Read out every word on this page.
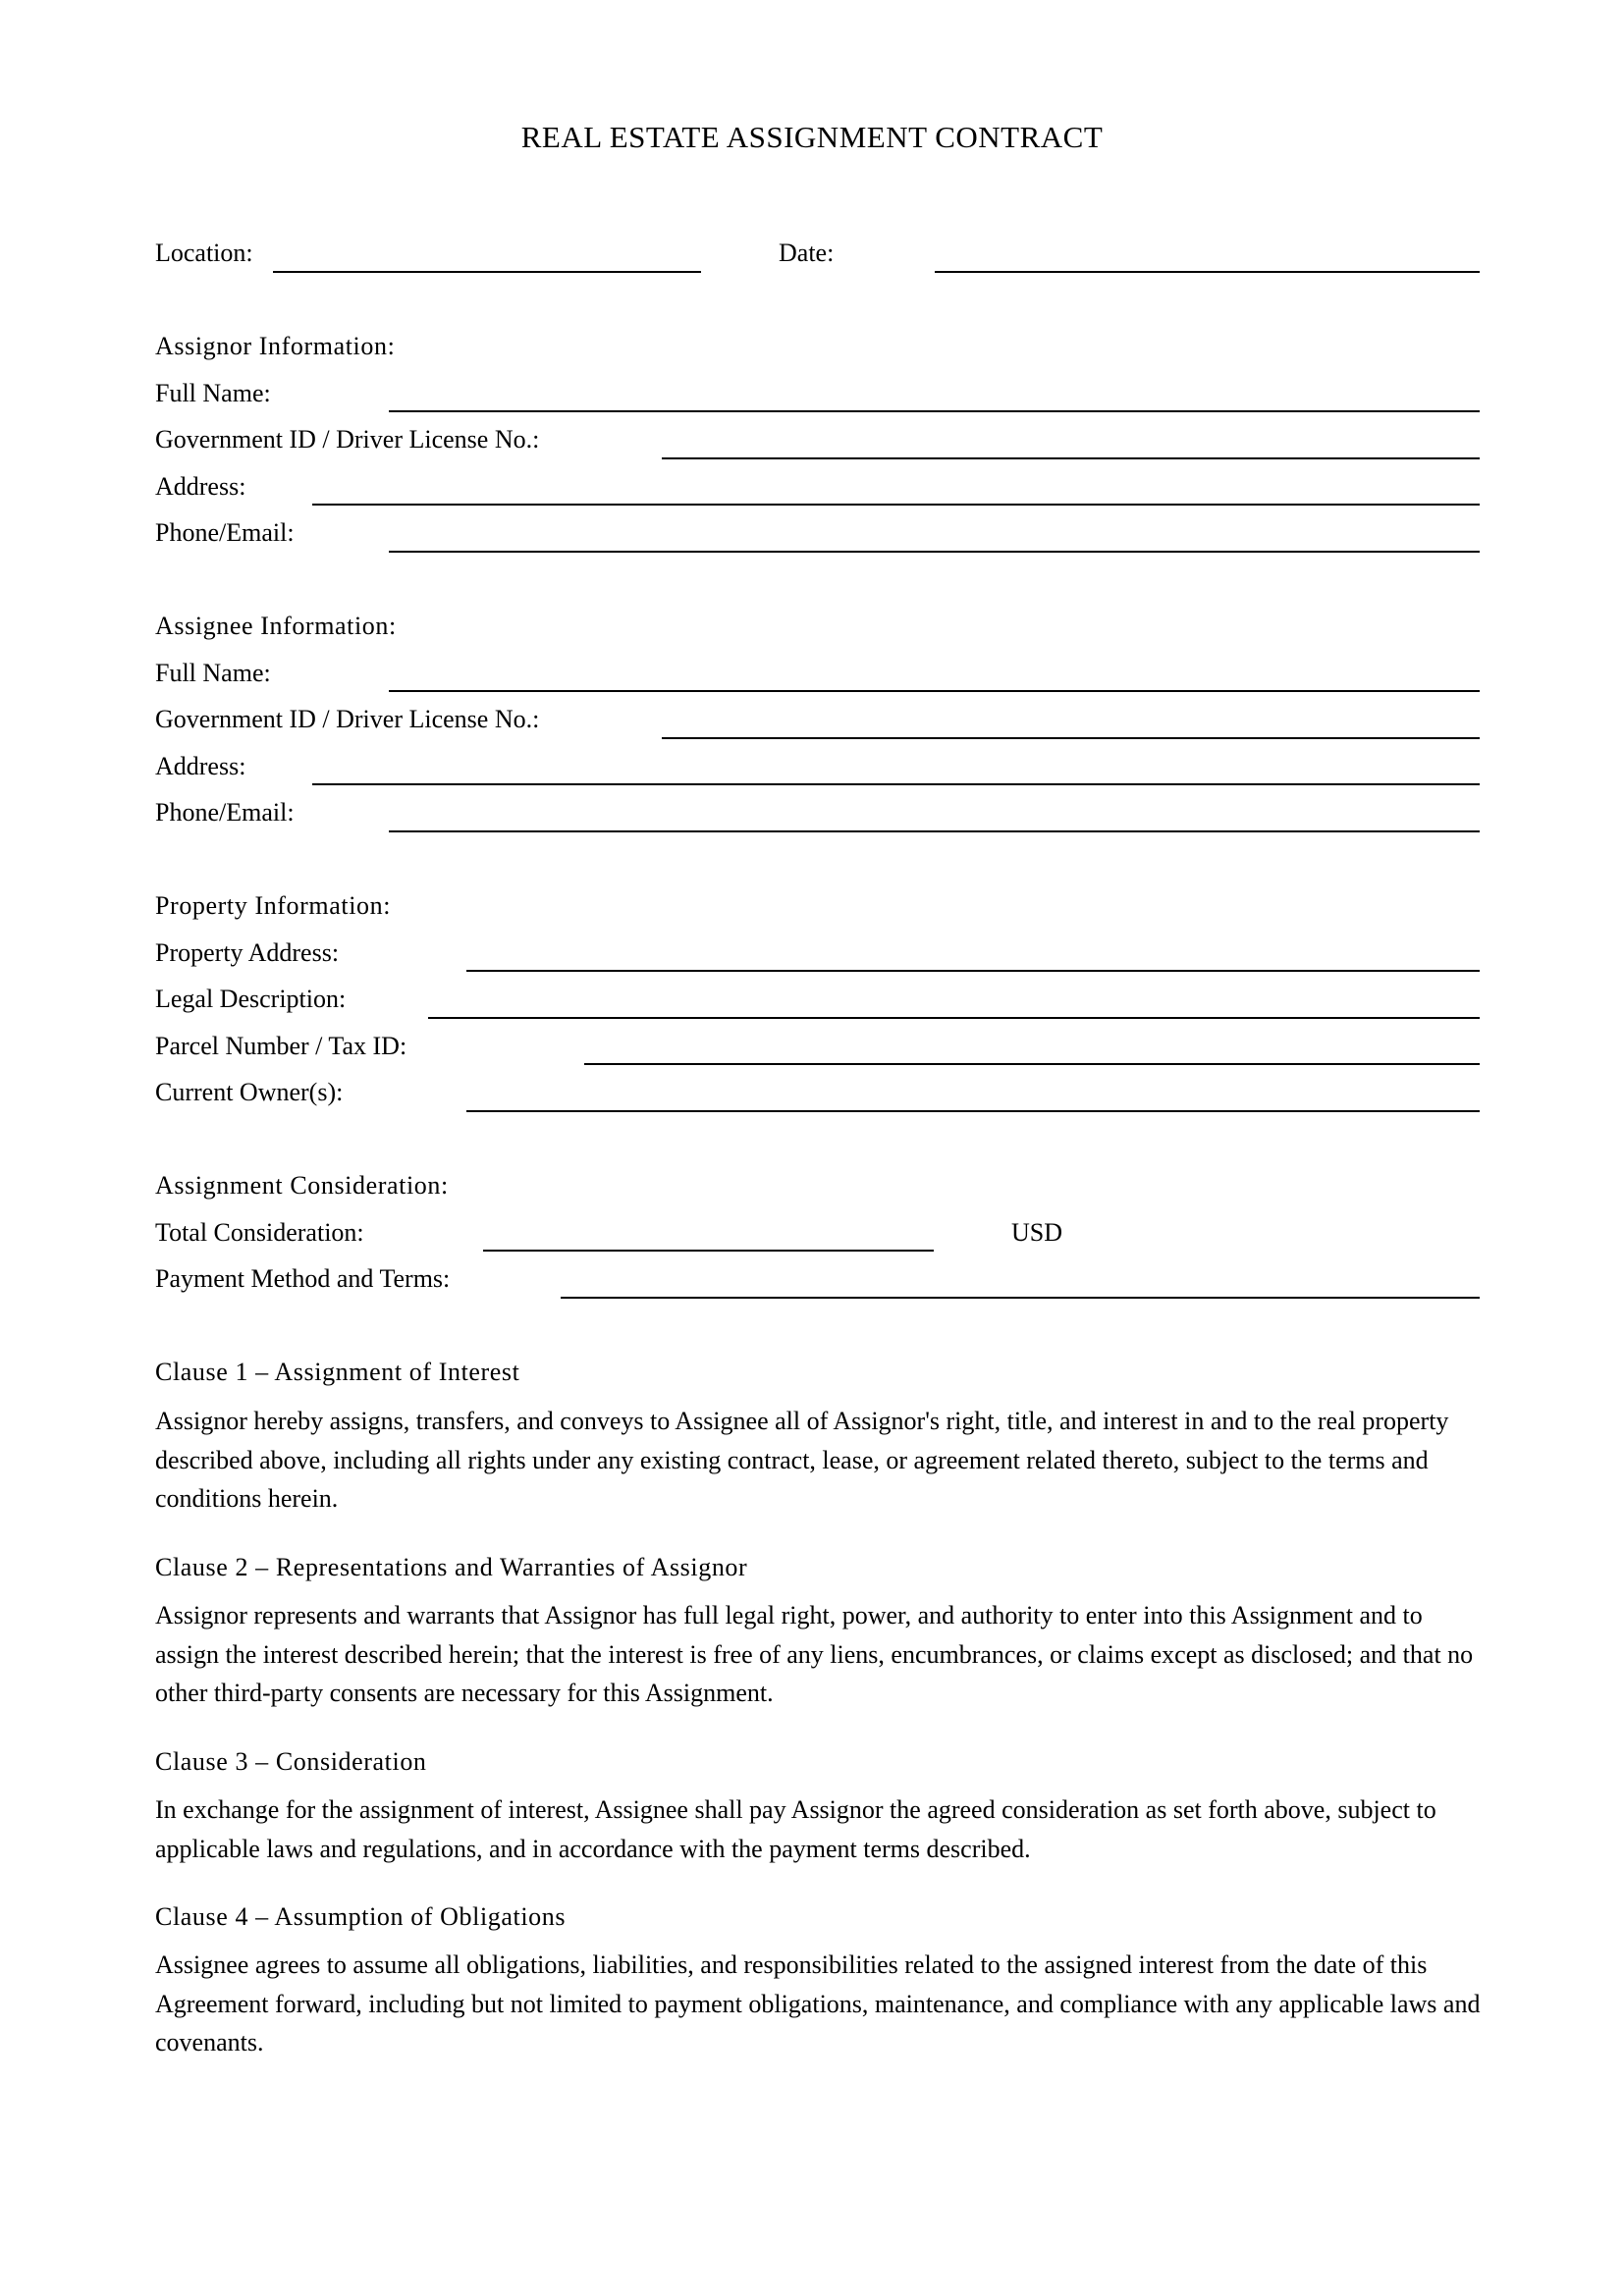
REAL ESTATE ASSIGNMENT CONTRACT
Location:	Date:
Assignor Information:
Full Name:
Government ID / Driver License No.:
Address:
Phone/Email:
Assignee Information:
Full Name:
Government ID / Driver License No.:
Address:
Phone/Email:
Property Information:
Property Address:
Legal Description:
Parcel Number / Tax ID:
Current Owner(s):
Assignment Consideration:
Total Consideration:	USD
Payment Method and Terms:
Clause 1 – Assignment of Interest
Assignor hereby assigns, transfers, and conveys to Assignee all of Assignor's right, title, and interest in and to the real property described above, including all rights under any existing contract, lease, or agreement related thereto, subject to the terms and conditions herein.
Clause 2 – Representations and Warranties of Assignor
Assignor represents and warrants that Assignor has full legal right, power, and authority to enter into this Assignment and to assign the interest described herein; that the interest is free of any liens, encumbrances, or claims except as disclosed; and that no other third-party consents are necessary for this Assignment.
Clause 3 – Consideration
In exchange for the assignment of interest, Assignee shall pay Assignor the agreed consideration as set forth above, subject to applicable laws and regulations, and in accordance with the payment terms described.
Clause 4 – Assumption of Obligations
Assignee agrees to assume all obligations, liabilities, and responsibilities related to the assigned interest from the date of this Agreement forward, including but not limited to payment obligations, maintenance, and compliance with any applicable laws and covenants.
